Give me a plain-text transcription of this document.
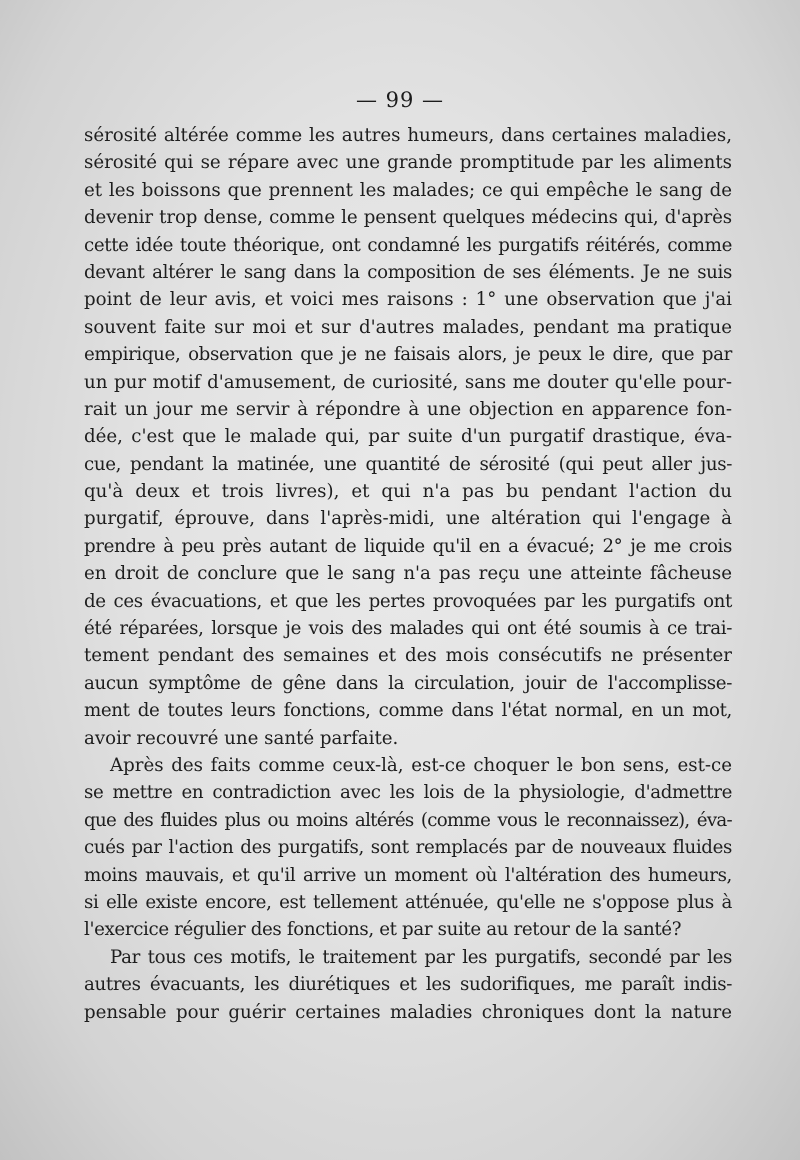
— 99 —
sérosité altérée comme les autres humeurs, dans certaines maladies,
sérosité qui se répare avec une grande promptitude par les aliments
et les boissons que prennent les malades; ce qui empêche le sang de
devenir trop dense, comme le pensent quelques médecins qui, d'après
cette idée toute théorique, ont condamné les purgatifs réitérés, comme
devant altérer le sang dans la composition de ses éléments. Je ne suis
point de leur avis, et voici mes raisons : 1° une observation que j'ai
souvent faite sur moi et sur d'autres malades, pendant ma pratique
empirique, observation que je ne faisais alors, je peux le dire, que par
un pur motif d'amusement, de curiosité, sans me douter qu'elle pour-
rait un jour me servir à répondre à une objection en apparence fon-
dée, c'est que le malade qui, par suite d'un purgatif drastique, éva-
cue, pendant la matinée, une quantité de sérosité (qui peut aller jus-
qu'à deux et trois livres), et qui n'a pas bu pendant l'action du
purgatif, éprouve, dans l'après-midi, une altération qui l'engage à
prendre à peu près autant de liquide qu'il en a évacué; 2° je me crois
en droit de conclure que le sang n'a pas reçu une atteinte fâcheuse
de ces évacuations, et que les pertes provoquées par les purgatifs ont
été réparées, lorsque je vois des malades qui ont été soumis à ce trai-
tement pendant des semaines et des mois consécutifs ne présenter
aucun symptôme de gêne dans la circulation, jouir de l'accomplisse-
ment de toutes leurs fonctions, comme dans l'état normal, en un mot,
avoir recouvré une santé parfaite.
Après des faits comme ceux-là, est-ce choquer le bon sens, est-ce
se mettre en contradiction avec les lois de la physiologie, d'admettre
que des fluides plus ou moins altérés (comme vous le reconnaissez), éva-
cués par l'action des purgatifs, sont remplacés par de nouveaux fluides
moins mauvais, et qu'il arrive un moment où l'altération des humeurs,
si elle existe encore, est tellement atténuée, qu'elle ne s'oppose plus à
l'exercice régulier des fonctions, et par suite au retour de la santé?
Par tous ces motifs, le traitement par les purgatifs, secondé par les
autres évacuants, les diurétiques et les sudorifiques, me paraît indis-
pensable pour guérir certaines maladies chroniques dont la nature
